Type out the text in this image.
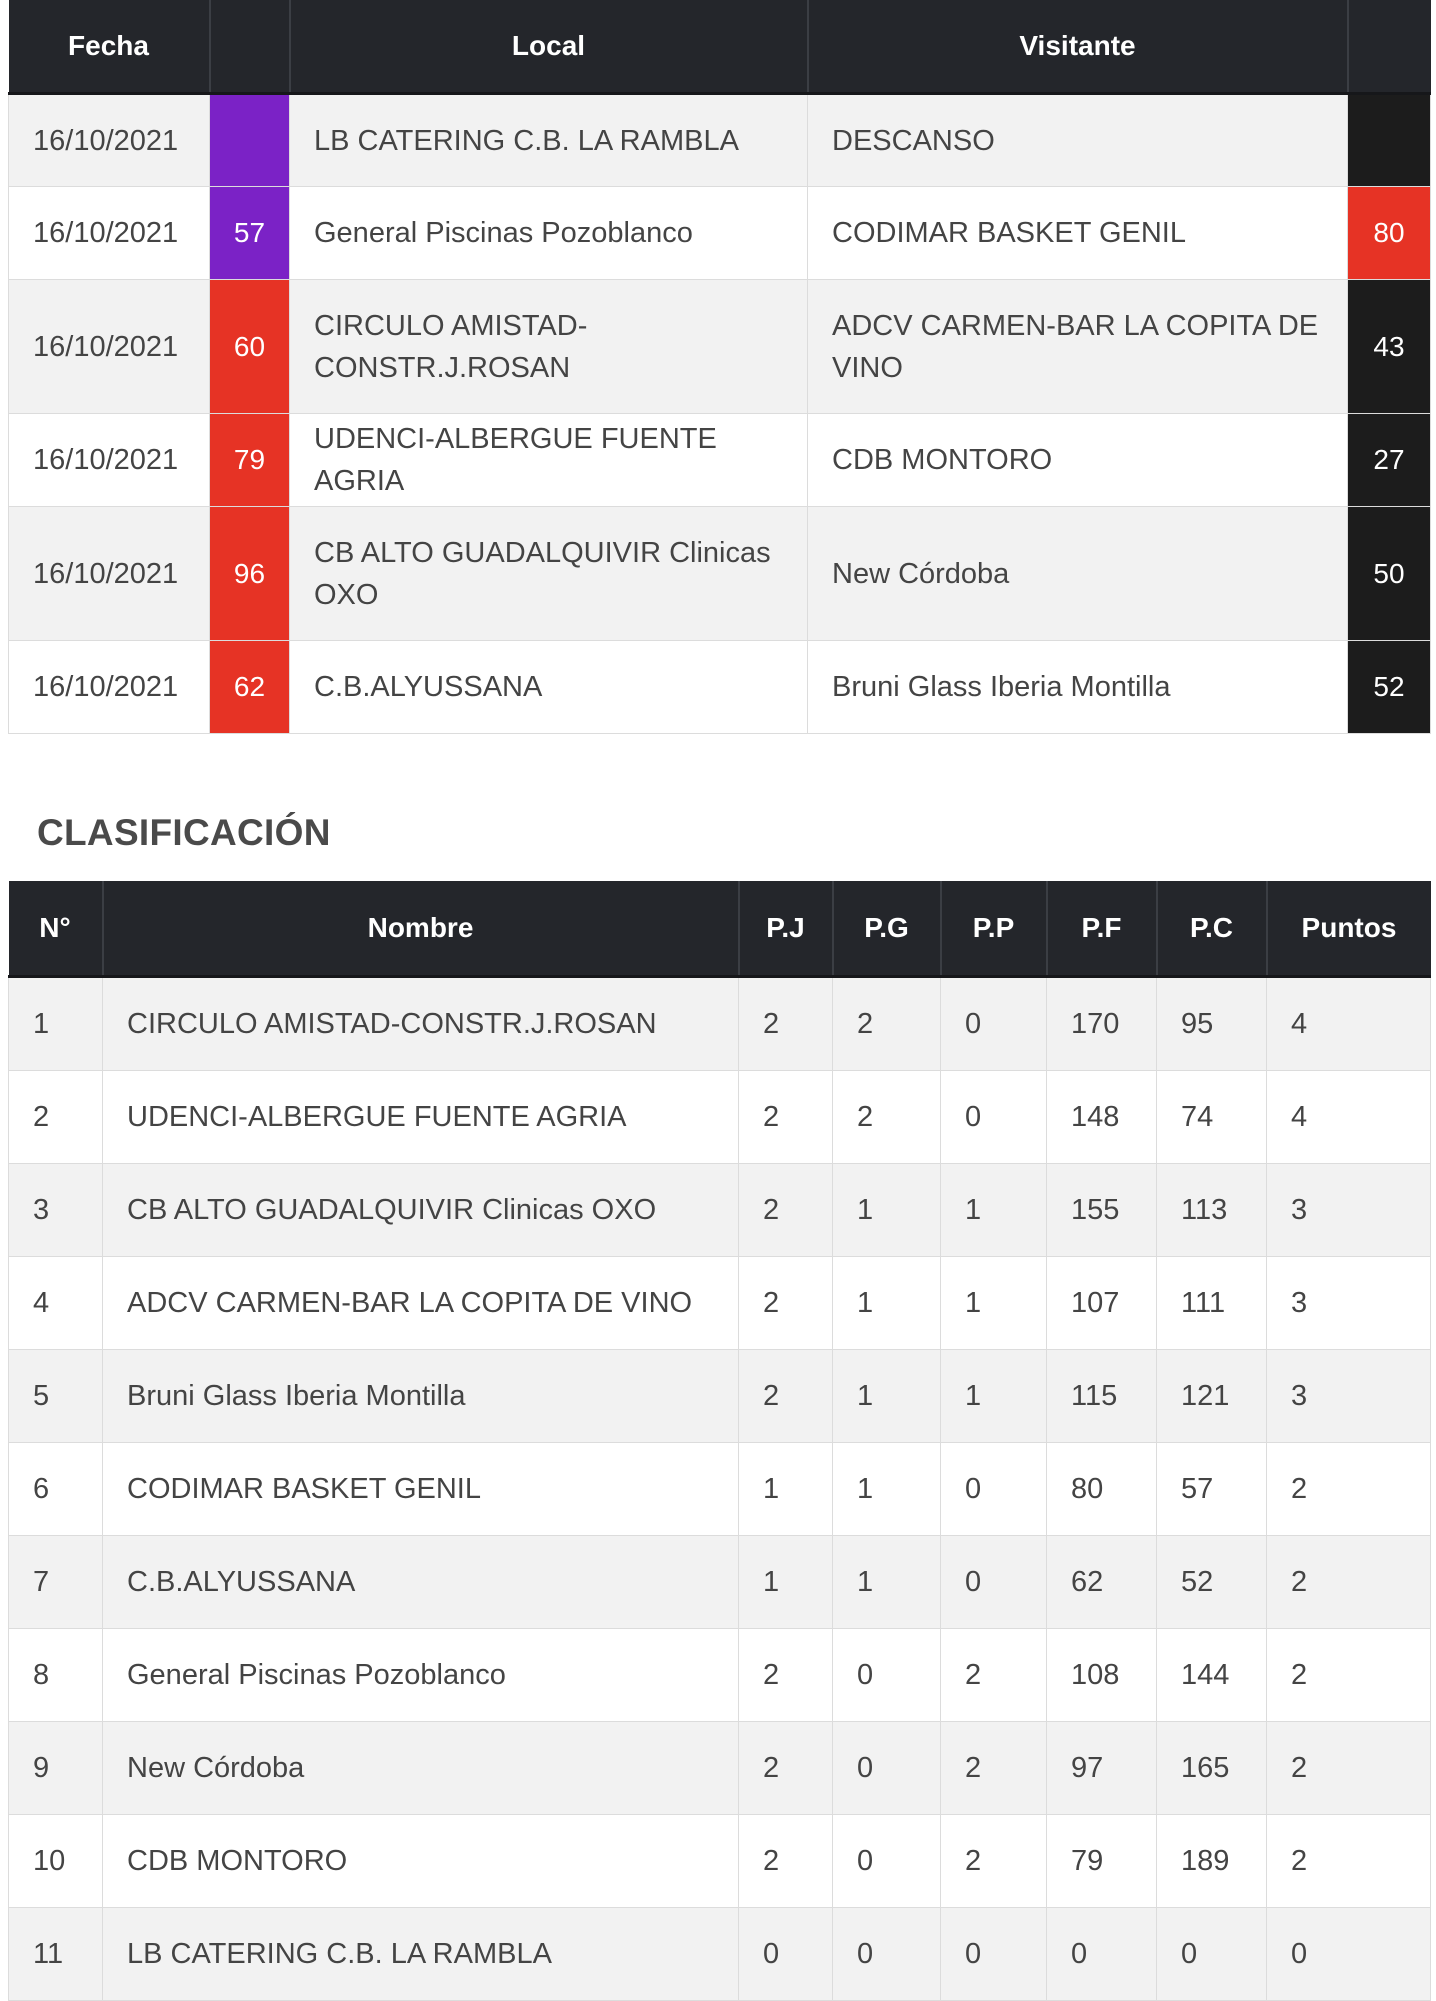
Fecha		Local	Visitante	
16/10/2021		LB CATERING C.B. LA RAMBLA	DESCANSO	
16/10/2021	57	General Piscinas Pozoblanco	CODIMAR BASKET GENIL	80
16/10/2021	60	CIRCULO AMISTAD-CONSTR.J.ROSAN	ADCV CARMEN-BAR LA COPITA DE VINO	43
16/10/2021	79	UDENCI-ALBERGUE FUENTE AGRIA	CDB MONTORO	27
16/10/2021	96	CB ALTO GUADALQUIVIR Clinicas OXO	New Córdoba	50
16/10/2021	62	C.B.ALYUSSANA	Bruni Glass Iberia Montilla	52
CLASIFICACIÓN
N°	Nombre	P.J	P.G	P.P	P.F	P.C	Puntos
1	CIRCULO AMISTAD-CONSTR.J.ROSAN	2	2	0	170	95	4
2	UDENCI-ALBERGUE FUENTE AGRIA	2	2	0	148	74	4
3	CB ALTO GUADALQUIVIR Clinicas OXO	2	1	1	155	113	3
4	ADCV CARMEN-BAR LA COPITA DE VINO	2	1	1	107	111	3
5	Bruni Glass Iberia Montilla	2	1	1	115	121	3
6	CODIMAR BASKET GENIL	1	1	0	80	57	2
7	C.B.ALYUSSANA	1	1	0	62	52	2
8	General Piscinas Pozoblanco	2	0	2	108	144	2
9	New Córdoba	2	0	2	97	165	2
10	CDB MONTORO	2	0	2	79	189	2
11	LB CATERING C.B. LA RAMBLA	0	0	0	0	0	0
